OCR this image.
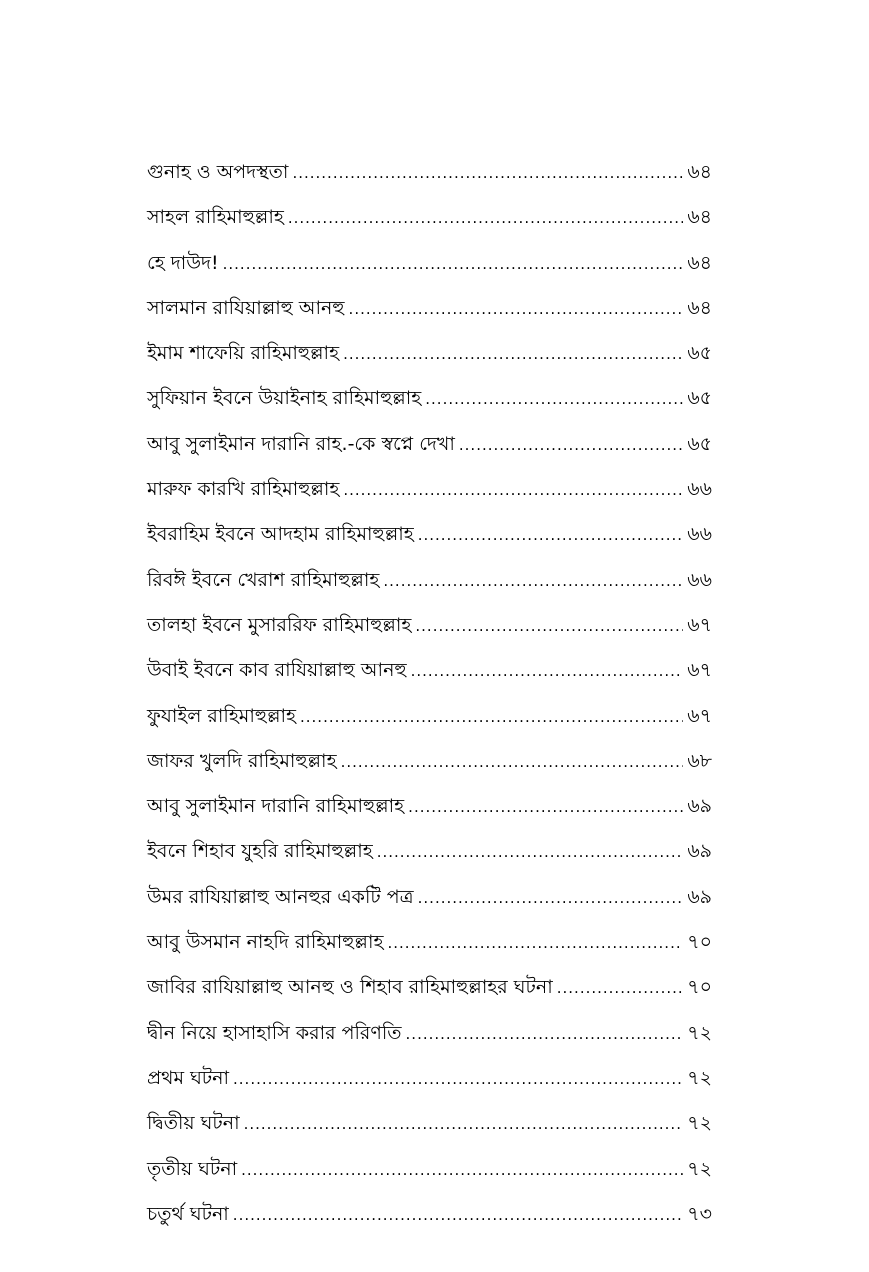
গুনাহ ও অপদস্থতা .....	৬৪
সাহল রাহিমাহুল্লাহ .....	৬৪
হে দাউদ! .....	৬৪
সালমান রাযিয়াল্লাহু আনহু .....	৬৪
ইমাম শাফেয়ি রাহিমাহুল্লাহ .....	৬৫
সুফিয়ান ইবনে উয়াইনাহ রাহিমাহুল্লাহ .....	৬৫
আবু সুলাইমান দারানি রাহ.-কে স্বপ্নে দেখা .....	৬৫
মারুফ কারখি রাহিমাহুল্লাহ .....	৬৬
ইবরাহিম ইবনে আদহাম রাহিমাহুল্লাহ .....	৬৬
রিবঈ ইবনে খেরাশ রাহিমাহুল্লাহ .....	৬৬
তালহা ইবনে মুসাররিফ রাহিমাহুল্লাহ .....	৬৭
উবাই ইবনে কাব রাযিয়াল্লাহু আনহু .....	৬৭
ফুযাইল রাহিমাহুল্লাহ .....	৬৭
জাফর খুলদি রাহিমাহুল্লাহ .....	৬৮
আবু সুলাইমান দারানি রাহিমাহুল্লাহ .....	৬৯
ইবনে শিহাব যুহরি রাহিমাহুল্লাহ .....	৬৯
উমর রাযিয়াল্লাহু আনহুর একটি পত্র .....	৬৯
আবু উসমান নাহদি রাহিমাহুল্লাহ .....	৭০
জাবির রাযিয়াল্লাহু আনহু ও শিহাব রাহিমাহুল্লাহর ঘটনা .....	৭০
দ্বীন নিয়ে হাসাহাসি করার পরিণতি .....	৭২
প্রথম ঘটনা .....	৭২
দ্বিতীয় ঘটনা .....	৭২
তৃতীয় ঘটনা .....	৭২
চতুর্থ ঘটনা .....	৭৩
